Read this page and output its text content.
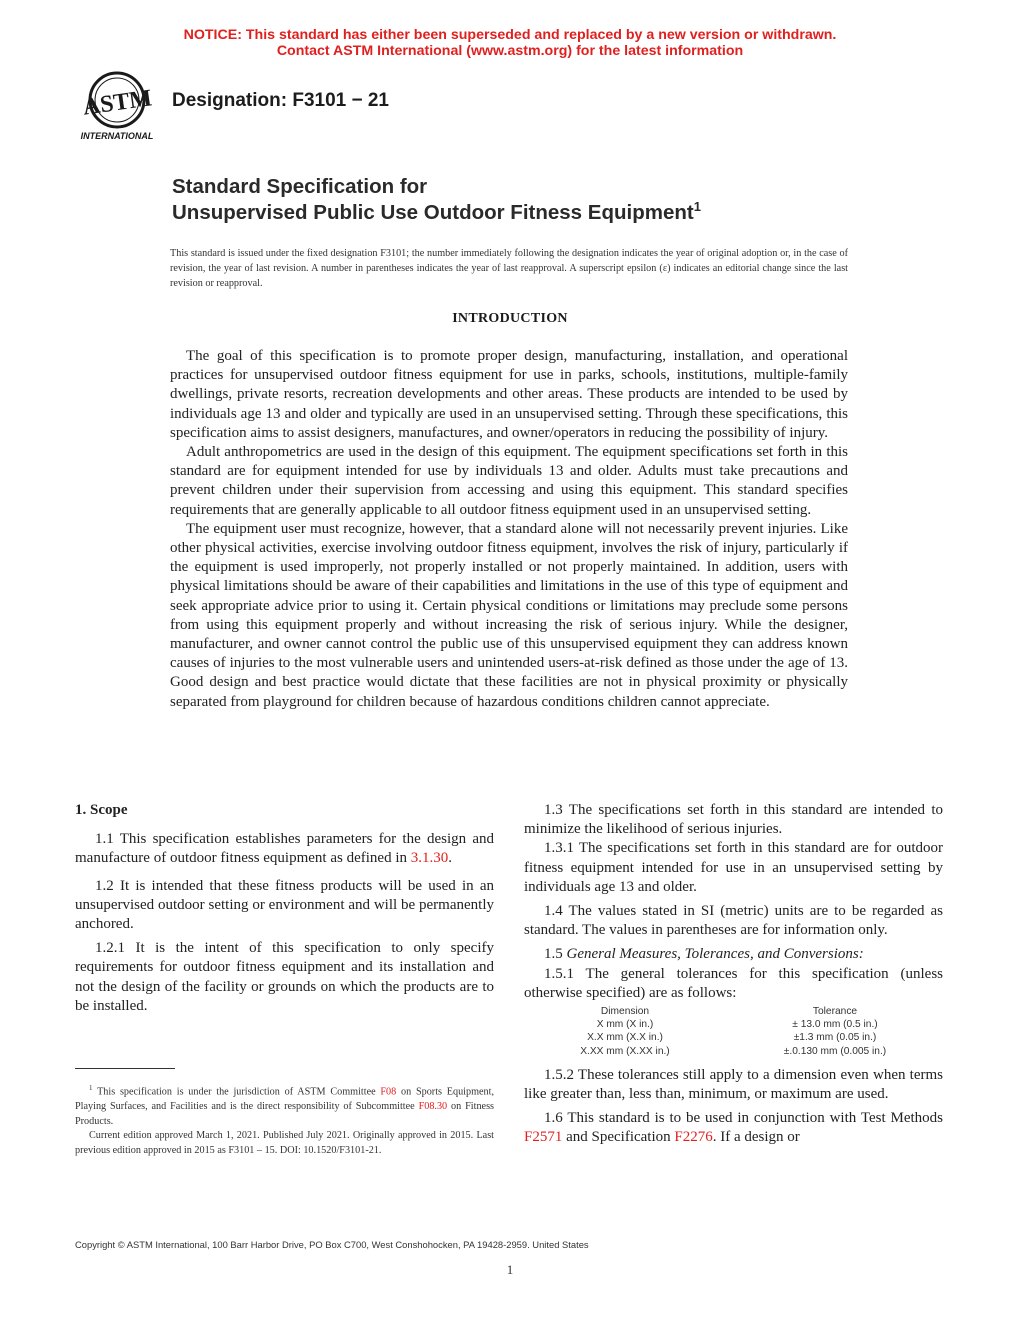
NOTICE: This standard has either been superseded and replaced by a new version or withdrawn.
Contact ASTM International (www.astm.org) for the latest information
ASTM
INTERNATIONAL
Designation: F3101 − 21
Standard Specification for
Unsupervised Public Use Outdoor Fitness Equipment$^1$
This standard is issued under the fixed designation F3101; the number immediately following the designation indicates the year of original adoption or, in the case of revision, the year of last revision. A number in parentheses indicates the year of last reapproval. A superscript epsilon (ε) indicates an editorial change since the last revision or reapproval.
INTRODUCTION

The goal of this specification is to promote proper design, manufacturing, installation, and operational practices for unsupervised outdoor fitness equipment for use in parks, schools, institutions, multiple-family dwellings, private resorts, recreation developments and other areas. These products are intended to be used by individuals age 13 and older and typically are used in an unsupervised setting. Through these specifications, this specification aims to assist designers, manufactures, and owner/operators in reducing the possibility of injury.

Adult anthropometrics are used in the design of this equipment. The equipment specifications set forth in this standard are for equipment intended for use by individuals 13 and older. Adults must take precautions and prevent children under their supervision from accessing and using this equipment. This standard specifies requirements that are generally applicable to all outdoor fitness equipment used in an unsupervised setting.

The equipment user must recognize, however, that a standard alone will not necessarily prevent injuries. Like other physical activities, exercise involving outdoor fitness equipment, involves the risk of injury, particularly if the equipment is used improperly, not properly installed or not properly maintained. In addition, users with physical limitations should be aware of their capabilities and limitations in the use of this type of equipment and seek appropriate advice prior to using it. Certain physical conditions or limitations may preclude some persons from using this equipment properly and without increasing the risk of serious injury. While the designer, manufacturer, and owner cannot control the public use of this unsupervised equipment they can address known causes of injuries to the most vulnerable users and unintended users-at-risk defined as those under the age of 13. Good design and best practice would dictate that these facilities are not in physical proximity or physically separated from playground for children because of hazardous conditions children cannot appreciate.

1. Scope

1.1 This specification establishes parameters for the design and manufacture of outdoor fitness equipment as defined in 3.1.30.

1.2 It is intended that these fitness products will be used in an unsupervised outdoor setting or environment and will be permanently anchored.

1.2.1 It is the intent of this specification to only specify requirements for outdoor fitness equipment and its installation and not the design of the facility or grounds on which the products are to be installed.

$^1$ This specification is under the jurisdiction of ASTM Committee F08 on Sports Equipment, Playing Surfaces, and Facilities and is the direct responsibility of Subcommittee F08.30 on Fitness Products.

Current edition approved March 1, 2021. Published July 2021. Originally approved in 2015. Last previous edition approved in 2015 as F3101 – 15. DOI: 10.1520/F3101-21.

1.3 The specifications set forth in this standard are intended to minimize the likelihood of serious injuries.

1.3.1 The specifications set forth in this standard are for outdoor fitness equipment intended for use in an unsupervised setting by individuals age 13 and older.

1.4 The values stated in SI (metric) units are to be regarded as standard. The values in parentheses are for information only.

1.5 General Measures, Tolerances, and Conversions:

1.5.1 The general tolerances for this specification (unless otherwise specified) are as follows:

Dimension	Tolerance
X mm (X in.)	± 13.0 mm (0.5 in.)
X.X mm (X.X in.)	±1.3 mm (0.05 in.)
X.XX mm (X.XX in.)	±.0.130 mm (0.005 in.)

1.5.2 These tolerances still apply to a dimension even when terms like greater than, less than, minimum, or maximum are used.

1.6 This standard is to be used in conjunction with Test Methods F2571 and Specification F2276. If a design or

Copyright © ASTM International, 100 Barr Harbor Drive, PO Box C700, West Conshohocken, PA 19428-2959. United States
1
